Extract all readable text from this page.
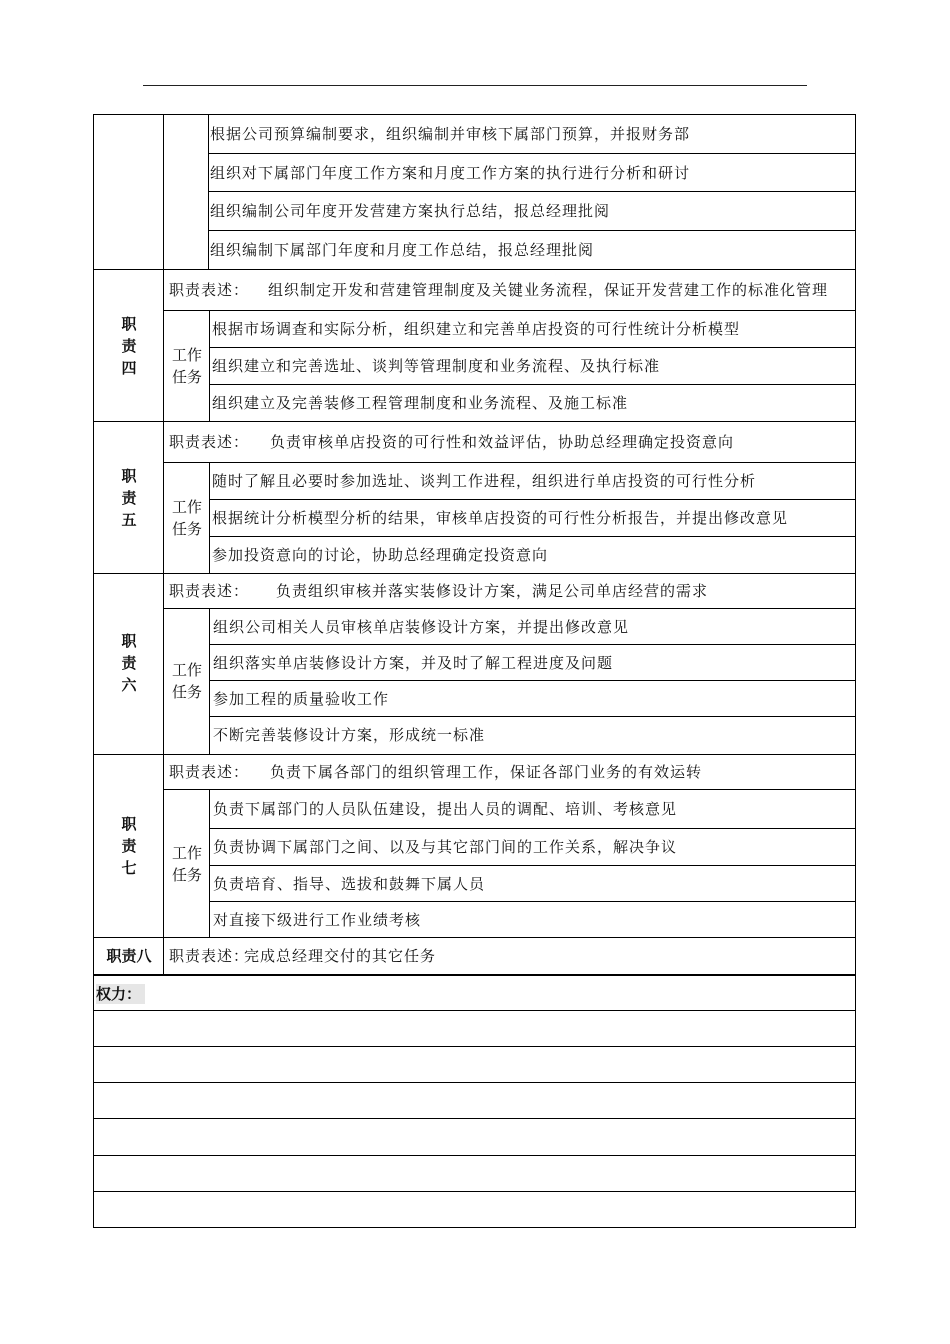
根据公司预算编制要求，组织编制并审核下属部门预算，并报财务部
组织对下属部门年度工作方案和月度工作方案的执行进行分析和研讨
组织编制公司年度开发营建方案执行总结，报总经理批阅
组织编制下属部门年度和月度工作总结，报总经理批阅
职
责
四
职责表述： 组织制定开发和营建管理制度及关键业务流程，保证开发营建工作的标准化管理
工作
任务
根据市场调查和实际分析，组织建立和完善单店投资的可行性统计分析模型
组织建立和完善选址、谈判等管理制度和业务流程、及执行标准
组织建立及完善装修工程管理制度和业务流程、及施工标准
职
责
五
职责表述： 负责审核单店投资的可行性和效益评估，协助总经理确定投资意向
工作
任务
随时了解且必要时参加选址、谈判工作进程，组织进行单店投资的可行性分析
根据统计分析模型分析的结果，审核单店投资的可行性分析报告，并提出修改意见
参加投资意向的讨论，协助总经理确定投资意向
职
责
六
职责表述： 负责组织审核并落实装修设计方案，满足公司单店经营的需求
工作
任务
组织公司相关人员审核单店装修设计方案，并提出修改意见
组织落实单店装修设计方案，并及时了解工程进度及问题
参加工程的质量验收工作
不断完善装修设计方案，形成统一标准
职
责
七
职责表述： 负责下属各部门的组织管理工作，保证各部门业务的有效运转
工作
任务
负责下属部门的人员队伍建设，提出人员的调配、培训、考核意见
负责协调下属部门之间、以及与其它部门间的工作关系，解决争议
负责培育、指导、选拔和鼓舞下属人员
对直接下级进行工作业绩考核
职责八	职责表述：
完成总经理交付的其它任务
权力：
